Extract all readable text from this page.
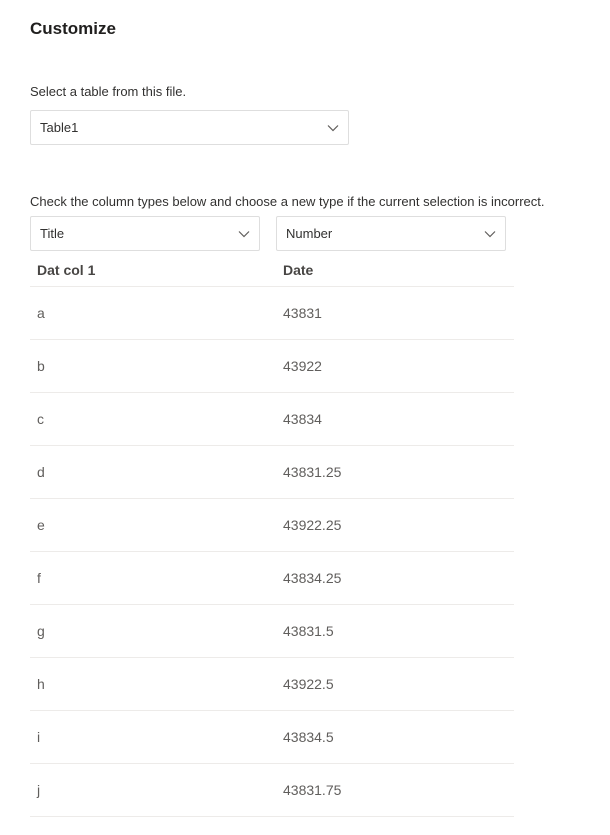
Customize
Select a table from this file.
Table1
Check the column types below and choose a new type if the current selection is incorrect.
Title	Number
Dat col 1	Date
a	43831
b	43922
c	43834
d	43831.25
e	43922.25
f	43834.25
g	43831.5
h	43922.5
i	43834.5
j	43831.75
